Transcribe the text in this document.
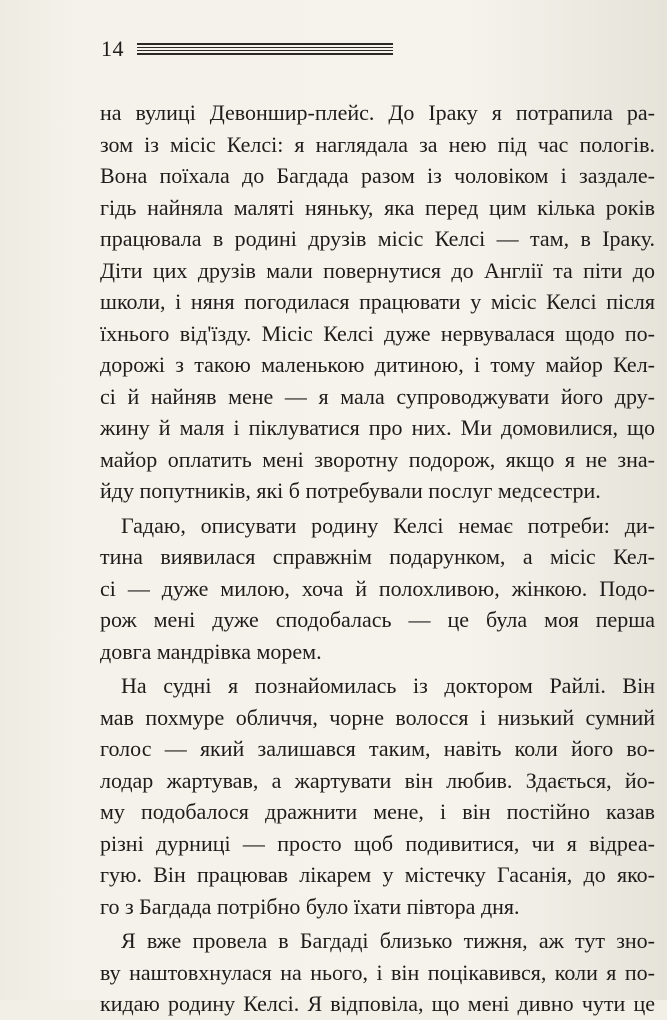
14
на вулиці Девоншир-плейс. До Іраку я потрапила ра-
зом із місіс Келсі: я наглядала за нею під час пологів.
Вона поїхала до Багдада разом із чоловіком і заздале-
гідь найняла маляті няньку, яка перед цим кілька років
працювала в родині друзів місіс Келсі — там, в Іраку.
Діти цих друзів мали повернутися до Англії та піти до
школи, і няня погодилася працювати у місіс Келсі після
їхнього від'їзду. Місіс Келсі дуже нервувалася щодо по-
дорожі з такою маленькою дитиною, і тому майор Кел-
сі й найняв мене — я мала супроводжувати його дру-
жину й маля і піклуватися про них. Ми домовилися, що
майор оплатить мені зворотну подорож, якщо я не зна-
йду попутників, які б потребували послуг медсестри.
Гадаю, описувати родину Келсі немає потреби: ди-
тина виявилася справжнім подарунком, а місіс Кел-
сі — дуже милою, хоча й полохливою, жінкою. Подо-
рож мені дуже сподобалась — це була моя перша
довга мандрівка морем.
На судні я познайомилась із доктором Райлі. Він
мав похмуре обличчя, чорне волосся і низький сумний
голос — який залишався таким, навіть коли його во-
лодар жартував, а жартувати він любив. Здається, йо-
му подобалося дражнити мене, і він постійно казав
різні дурниці — просто щоб подивитися, чи я відреа-
гую. Він працював лікарем у містечку Гасанія, до яко-
го з Багдада потрібно було їхати півтора дня.
Я вже провела в Багдаді близько тижня, аж тут зно-
ву наштовхнулася на нього, і він поцікавився, коли я по-
кидаю родину Келсі. Я відповіла, що мені дивно чути це
